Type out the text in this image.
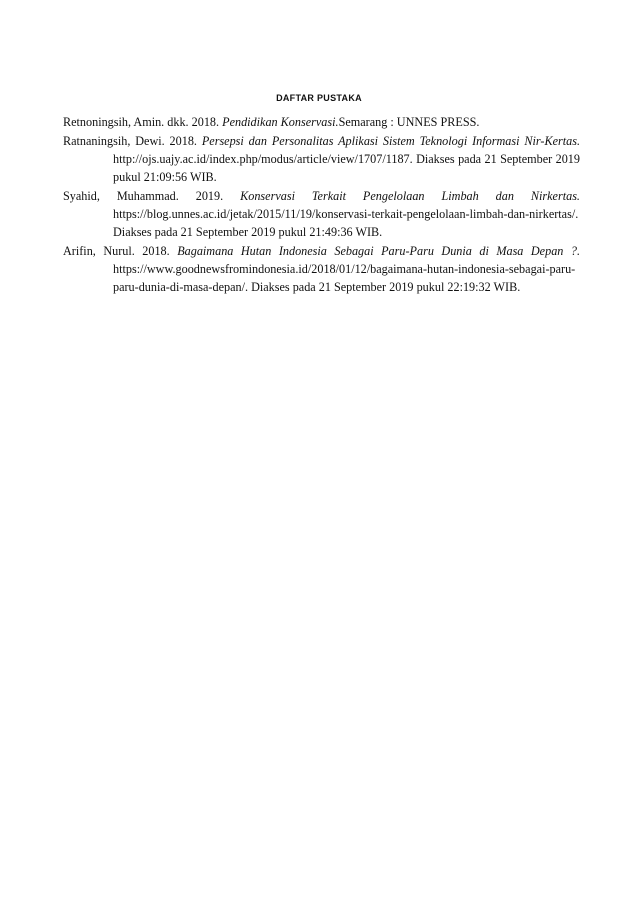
DAFTAR PUSTAKA

Retnoningsih, Amin. dkk. 2018. Pendidikan Konservasi.Semarang : UNNES PRESS.

Ratnaningsih, Dewi. 2018. Persepsi dan Personalitas Aplikasi Sistem Teknologi Informasi Nir-Kertas. http://ojs.uajy.ac.id/index.php/modus/article/view/1707/1187. Diakses pada 21 September 2019 pukul 21:09:56 WIB.

Syahid, Muhammad. 2019. Konservasi Terkait Pengelolaan Limbah dan Nirkertas. https://blog.unnes.ac.id/jetak/2015/11/19/konservasi-terkait-pengelolaan-limbah-dan-nirkertas/. Diakses pada 21 September 2019 pukul 21:49:36 WIB.

Arifin, Nurul. 2018. Bagaimana Hutan Indonesia Sebagai Paru-Paru Dunia di Masa Depan ?. https://www.goodnewsfromindonesia.id/2018/01/12/bagaimana-hutan-indonesia-sebagai-paru-paru-dunia-di-masa-depan/. Diakses pada 21 September 2019 pukul 22:19:32 WIB.
